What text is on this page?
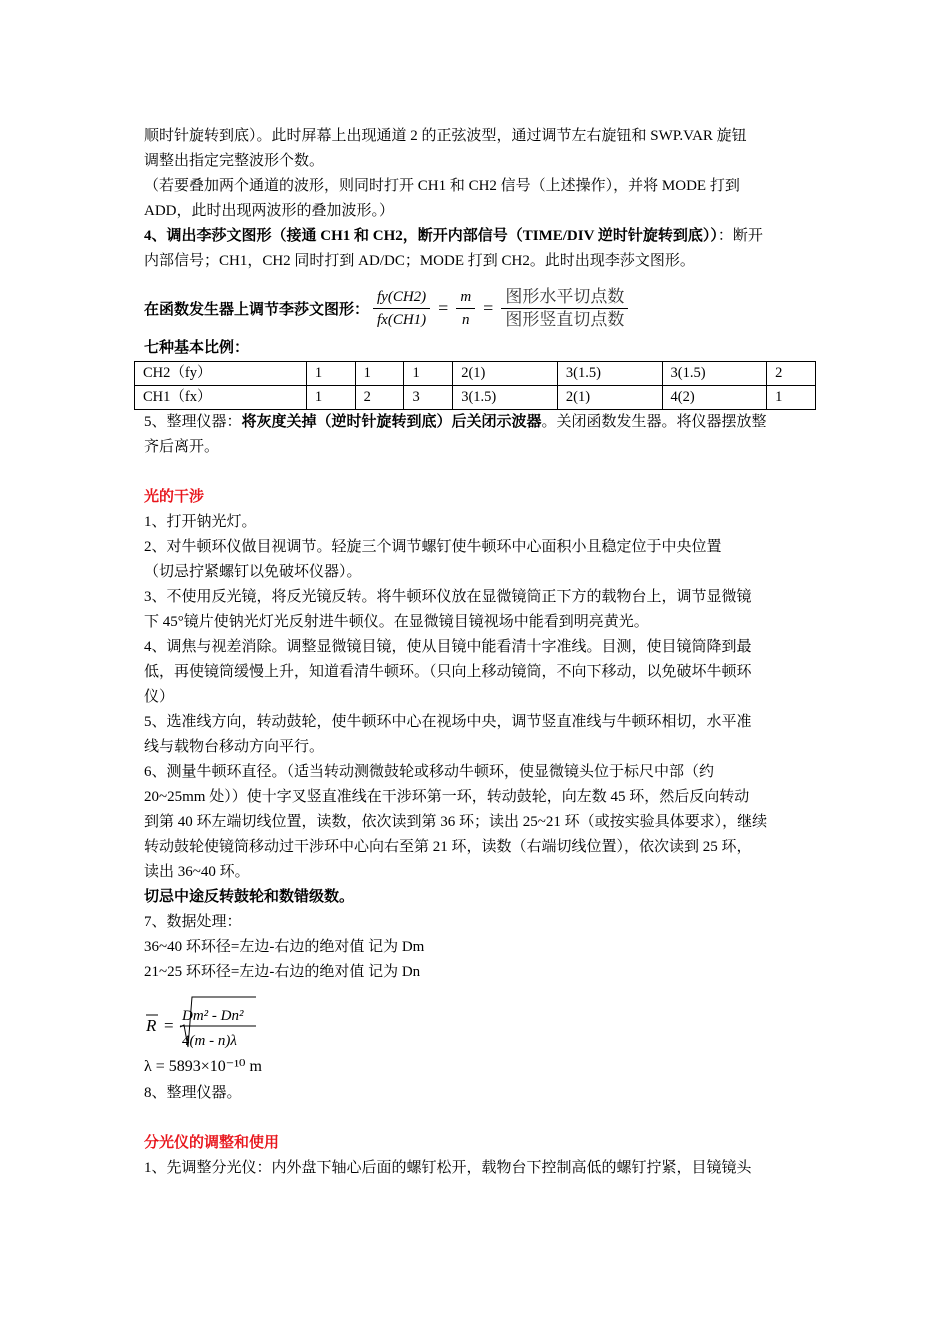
顺时针旋转到底）。此时屏幕上出现通道 2 的正弦波型，通过调节左右旋钮和 SWP.VAR 旋钮

调整出指定完整波形个数。

（若要叠加两个通道的波形，则同时打开 CH1 和 CH2 信号（上述操作），并将 MODE 打到

ADD，此时出现两波形的叠加波形。）

4、调出李莎文图形（接通 CH1 和 CH2，断开内部信号（TIME/DIV 逆时针旋转到底））：断开

内部信号；CH1，CH2 同时打到 AD/DC；MODE 打到 CH2。此时出现李莎文图形。

在函数发生器上调节李莎文图形： $\frac{fy(CH2)}{fx(CH1)} = \frac{m}{n} = \frac{\text{图形水平切点数}}{\text{图形竖直切点数}}$

七种基本比例：

CH2（fy）	1	1	1	2(1)	3(1.5)	3(1.5)	2
CH1（fx）	1	2	3	3(1.5)	2(1)	4(2)	1

5、整理仪器：将灰度关掉（逆时针旋转到底）后关闭示波器。关闭函数发生器。将仪器摆放整

齐后离开。

光的干涉

1、打开钠光灯。

2、对牛顿环仪做目视调节。轻旋三个调节螺钉使牛顿环中心面积小且稳定位于中央位置

（切忌拧紧螺钉以免破坏仪器）。

3、不使用反光镜，将反光镜反转。将牛顿环仪放在显微镜筒正下方的载物台上，调节显微镜

下 45°镜片使钠光灯光反射进牛顿仪。在显微镜目镜视场中能看到明亮黄光。

4、调焦与视差消除。调整显微镜目镜，使从目镜中能看清十字准线。目测，使目镜筒降到最

低，再使镜筒缓慢上升，知道看清牛顿环。（只向上移动镜筒，不向下移动，以免破坏牛顿环

仪）

5、选准线方向，转动鼓轮，使牛顿环中心在视场中央，调节竖直准线与牛顿环相切，水平准

线与载物台移动方向平行。

6、测量牛顿环直径。（适当转动测微鼓轮或移动牛顿环，使显微镜头位于标尺中部（约

20~25mm 处））使十字叉竖直准线在干涉环第一环，转动鼓轮，向左数 45 环，然后反向转动

到第 40 环左端切线位置，读数，依次读到第 36 环；读出 25~21 环（或按实验具体要求），继续

转动鼓轮使镜筒移动过干涉环中心向右至第 21 环，读数（右端切线位置），依次读到 25 环，

读出 36~40 环。

切忌中途反转鼓轮和数错级数。

7、数据处理：

36~40 环环径=左边-右边的绝对值 记为 Dm

21~25 环环径=左边-右边的绝对值 记为 Dn

R = Dm² - Dn²
4(m - n)λ

λ = 5893×10⁻¹⁰ m

8、整理仪器。

分光仪的调整和使用

1、先调整分光仪：内外盘下轴心后面的螺钉松开，载物台下控制高低的螺钉拧紧，目镜镜头
